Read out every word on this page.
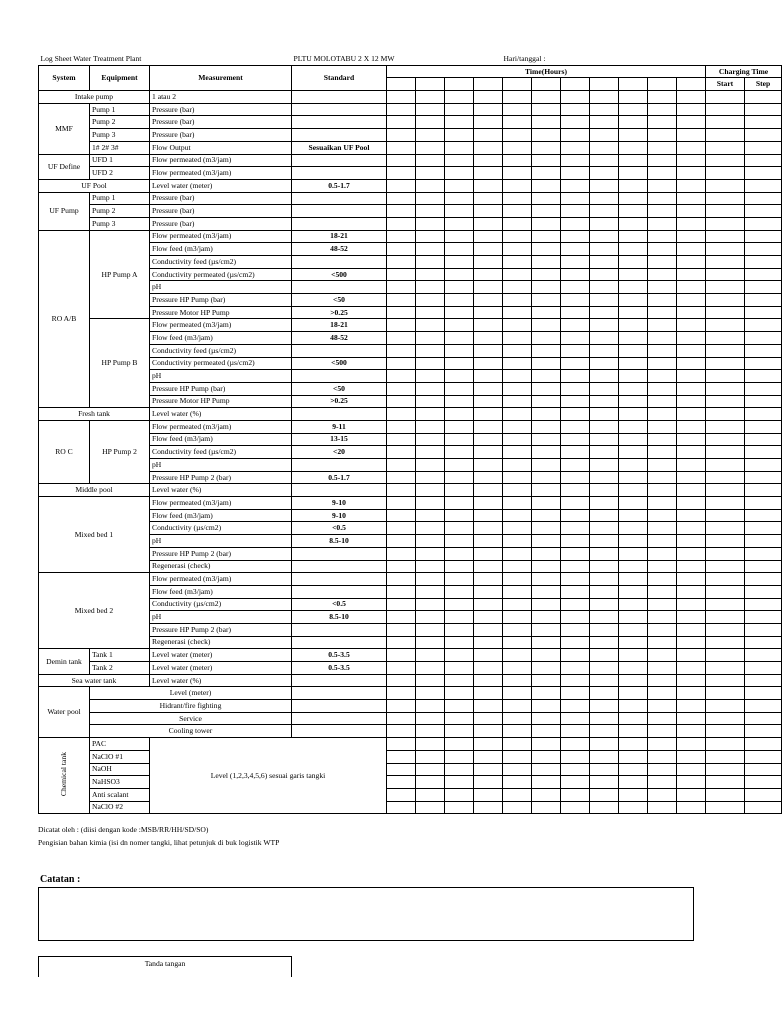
Log Sheet Water Treatment Plant			PLTU MOLOTABU 2 X 12 MW				Hari/tanggal :									
System	Equipment	Measurement	Standard	Time(Hours)											Charging Time	
															Start	Step
Intake pump		1 atau 2														
MMF	Pump 1	Pressure (bar)														
	Pump 2	Pressure (bar)														
	Pump 3	Pressure (bar)														
	1# 2# 3#	Flow Output	Sesuaikan UF Pool													
UF Define	UFD 1	Flow permeated (m3/jam)														
	UFD 2	Flow permeated (m3/jam)														
UF Pool		Level water (meter)	0.5-1.7													
UF Pump	Pump 1	Pressure (bar)														
	Pump 2	Pressure (bar)														
	Pump 3	Pressure (bar)														
RO A/B	HP Pump A	Flow permeated (m3/jam)	18-21													
		Flow feed (m3/jam)	48-52													
		Conductivity feed (µs/cm2)														
		Conductivity permeated (µs/cm2)	<500													
		pH														
		Pressure HP Pump (bar)	<50													
		Pressure Motor HP Pump	>0.25													
	HP Pump B	Flow permeated (m3/jam)	18-21													
		Flow feed (m3/jam)	48-52													
		Conductivity feed (µs/cm2)														
		Conductivity permeated (µs/cm2)	<500													
		pH														
		Pressure HP Pump (bar)	<50													
		Pressure Motor HP Pump	>0.25													
Fresh tank		Level water (%)														
RO C	HP Pump 2	Flow permeated (m3/jam)	9-11													
		Flow feed (m3/jam)	13-15													
		Conductivity feed (µs/cm2)	<20													
		pH														
		Pressure HP Pump 2 (bar)	0.5-1.7													
Middle pool		Level water (%)														
Mixed bed 1		Flow permeated (m3/jam)	9-10													
		Flow feed (m3/jam)	9-10													
		Conductivity (µs/cm2)	<0.5													
		pH	8.5-10													
		Pressure HP Pump 2 (bar)														
		Regenerasi (check)														
Mixed bed 2		Flow permeated (m3/jam)														
		Flow feed (m3/jam)														
		Conductivity (µs/cm2)	<0.5													
		pH	8.5-10													
		Pressure HP Pump 2 (bar)														
		Regenerasi (check)														
Demin tank	Tank 1	Level water (meter)	0.5-3.5													
	Tank 2	Level water (meter)	0.5-3.5													
Sea water tank		Level water (%)														
Water pool	Level (meter)															
	Hidrant/fire fighting															
	Service															
	Cooling tower															
Chemical tank	PAC	Level (1,2,3,4,5,6) sesuai garis tangki														
	NaClO #1															
	NaOH															
	NaHSO3															
	Anti scalant															
	NaClO #2															
Dicatat oleh : (diisi dengan kode :MSB/RR/HH/SD/SO)
Pengisian bahan kimia (isi dn nomer tangki, lihat petunjuk di buk logistik WTP
Catatan :
Tanda tangan
